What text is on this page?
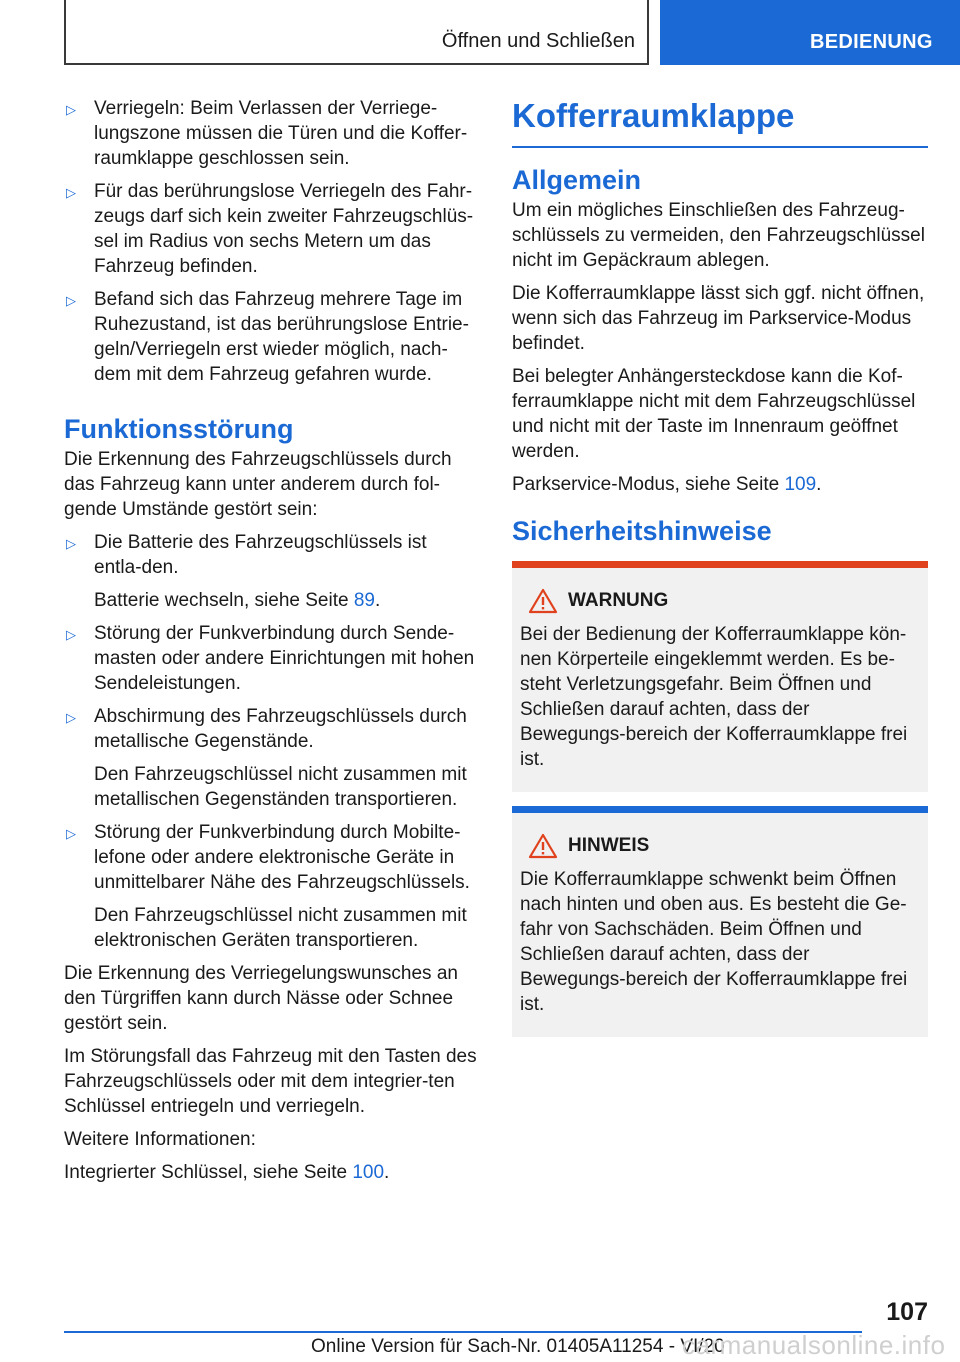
Öffnen und Schließen	BEDIENUNG
▷ Verriegeln: Beim Verlassen der Verriege-lungszone müssen die Türen und die Koffer-raumklappe geschlossen sein.
▷ Für das berührungslose Verriegeln des Fahr-zeugs darf sich kein zweiter Fahrzeugschlüs-sel im Radius von sechs Metern um das Fahrzeug befinden.
▷ Befand sich das Fahrzeug mehrere Tage im Ruhezustand, ist das berührungslose Entrie-geln/Verriegeln erst wieder möglich, nach-dem mit dem Fahrzeug gefahren wurde.
Funktionsstörung

Die Erkennung des Fahrzeugschlüssels durch das Fahrzeug kann unter anderem durch fol-gende Umstände gestört sein:

▷ Die Batterie des Fahrzeugschlüssels ist entla-den.
Batterie wechseln, siehe Seite 89.
▷ Störung der Funkverbindung durch Sende-masten oder andere Einrichtungen mit hohen Sendeleistungen.
▷ Abschirmung des Fahrzeugschlüssels durch metallische Gegenstände.
Den Fahrzeugschlüssel nicht zusammen mit metallischen Gegenständen transportieren.
▷ Störung der Funkverbindung durch Mobilte-lefone oder andere elektronische Geräte in unmittelbarer Nähe des Fahrzeugschlüssels.
Den Fahrzeugschlüssel nicht zusammen mit elektronischen Geräten transportieren.

Die Erkennung des Verriegelungswunsches an den Türgriffen kann durch Nässe oder Schnee gestört sein.

Im Störungsfall das Fahrzeug mit den Tasten des Fahrzeugschlüssels oder mit dem integrier-ten Schlüssel entriegeln und verriegeln.

Weitere Informationen:

Integrierter Schlüssel, siehe Seite 100.

Kofferraumklappe
Allgemein

Um ein mögliches Einschließen des Fahrzeug-schlüssels zu vermeiden, den Fahrzeugschlüssel nicht im Gepäckraum ablegen.

Die Kofferraumklappe lässt sich ggf. nicht öffnen, wenn sich das Fahrzeug im Parkservice-Modus befindet.

Bei belegter Anhängersteckdose kann die Kof-ferraumklappe nicht mit dem Fahrzeugschlüssel und nicht mit der Taste im Innenraum geöffnet werden.

Parkservice-Modus, siehe Seite 109.

Sicherheitshinweise
WARNUNG

Bei der Bedienung der Kofferraumklappe kön-nen Körperteile eingeklemmt werden. Es be-steht Verletzungsgefahr. Beim Öffnen und Schließen darauf achten, dass der Bewegungs-bereich der Kofferraumklappe frei ist.

HINWEIS

Die Kofferraumklappe schwenkt beim Öffnen nach hinten und oben aus. Es besteht die Ge-fahr von Sachschäden. Beim Öffnen und Schließen darauf achten, dass der Bewegungs-bereich der Kofferraumklappe frei ist.

107
Online Version für Sach-Nr. 01405A11254 - VI/20
carmanualsonline.info
